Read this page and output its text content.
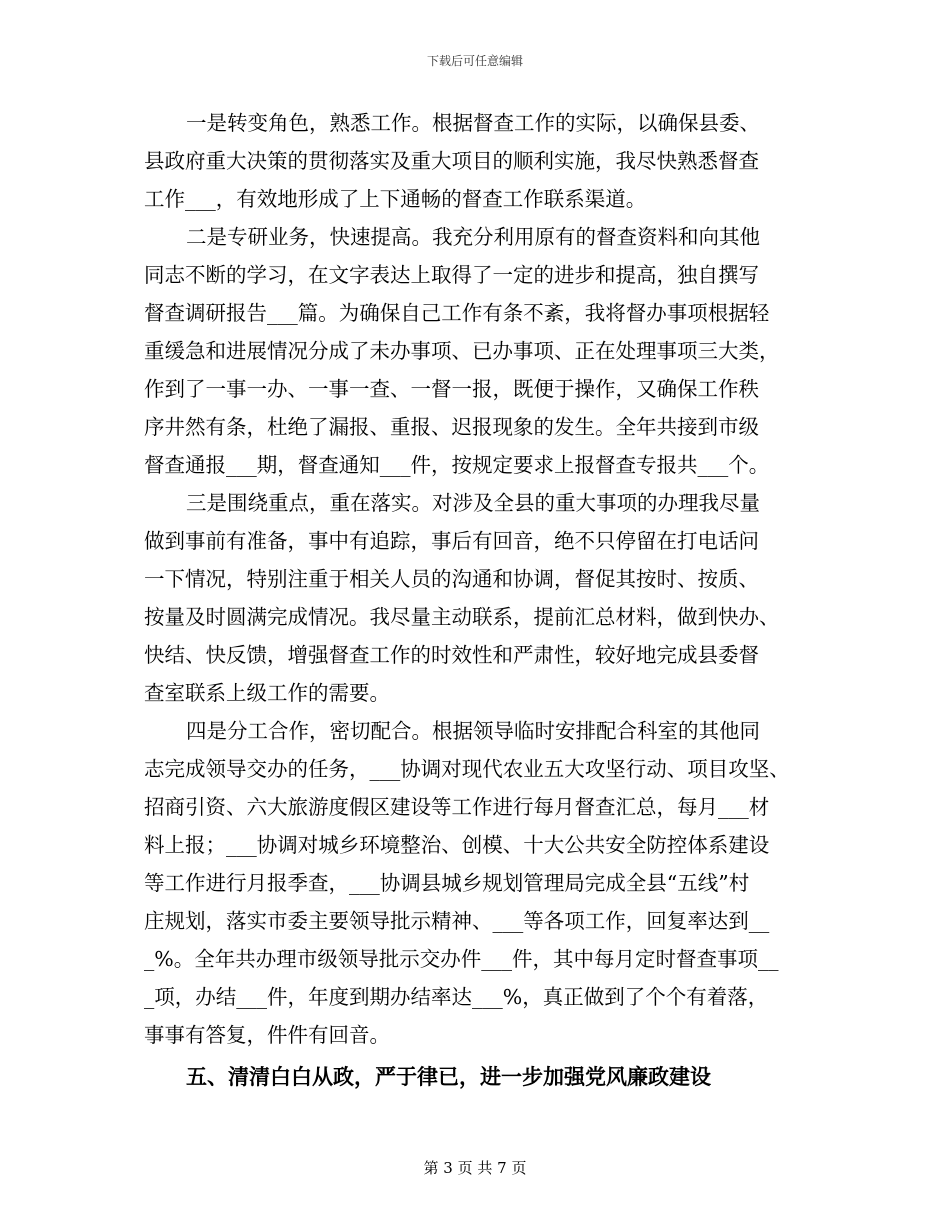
下载后可任意编辑
一是转变角色，熟悉工作。根据督查工作的实际，以确保县委、
县政府重大决策的贯彻落实及重大项目的顺利实施，我尽快熟悉督查
工作___，有效地形成了上下通畅的督查工作联系渠道。
二是专研业务，快速提高。我充分利用原有的督查资料和向其他
同志不断的学习，在文字表达上取得了一定的进步和提高，独自撰写
督查调研报告___篇。为确保自己工作有条不紊，我将督办事项根据轻
重缓急和进展情况分成了未办事项、已办事项、正在处理事项三大类，
作到了一事一办、一事一查、一督一报，既便于操作，又确保工作秩
序井然有条，杜绝了漏报、重报、迟报现象的发生。全年共接到市级
督查通报___期，督查通知___件，按规定要求上报督查专报共___个。
三是围绕重点，重在落实。对涉及全县的重大事项的办理我尽量
做到事前有准备，事中有追踪，事后有回音，绝不只停留在打电话问
一下情况，特别注重于相关人员的沟通和协调，督促其按时、按质、
按量及时圆满完成情况。我尽量主动联系，提前汇总材料，做到快办、
快结、快反馈，增强督查工作的时效性和严肃性，较好地完成县委督
查室联系上级工作的需要。
四是分工合作，密切配合。根据领导临时安排配合科室的其他同
志完成领导交办的任务，___协调对现代农业五大攻坚行动、项目攻坚、
招商引资、六大旅游度假区建设等工作进行每月督查汇总，每月___材
料上报；___协调对城乡环境整治、创模、十大公共安全防控体系建设
等工作进行月报季查，___协调县城乡规划管理局完成全县“五线”村
庄规划，落实市委主要领导批示精神、___等各项工作，回复率达到__
_%。全年共办理市级领导批示交办件___件，其中每月定时督查事项__
_项，办结___件，年度到期办结率达___%，真正做到了个个有着落，
事事有答复，件件有回音。
五、清清白白从政，严于律已，进一步加强党风廉政建设
第 3 页 共 7 页
